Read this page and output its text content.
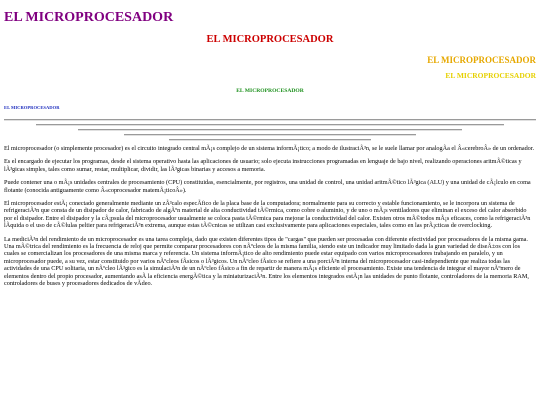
EL MICROPROCESADOR
EL MICROPROCESADOR
EL MICROPROCESADOR
EL MICROPROCESADOR
EL MICROPROCESADOR
EL MICROPROCESADOR

El microprocesador (o simplemente procesador) es el circuito integrado central mÃ¡s complejo de un sistema informÃ¡tico; a modo de ilustraciÃ³n, se le suele llamar por analogÃa el Â«cerebroÂ» de un ordenador.

Es el encargado de ejecutar los programas, desde el sistema operativo hasta las aplicaciones de usuario; solo ejecuta instrucciones programadas en lenguaje de bajo nivel, realizando operaciones aritmÃ©ticas y lÃ³gicas simples, tales como sumar, restar, multiplicar, dividir, las lÃ³gicas binarias y accesos a memoria.

Puede contener una o mÃ¡s unidades centrales de procesamiento (CPU) constituidas, esencialmente, por registros, una unidad de control, una unidad aritmÃ©tico lÃ³gica (ALU) y una unidad de cÃ¡lculo en coma flotante (conocida antiguamente como Â«coprocesador matemÃ¡ticoÂ»).

El microprocesador estÃ¡ conectado generalmente mediante un zÃ³calo especÃfico de la placa base de la computadora; normalmente para su correcto y estable funcionamiento, se le incorpora un sistema de refrigeraciÃ³n que consta de un disipador de calor, fabricado de algÃºn material de alta conductividad tÃ©rmica, como cobre o aluminio, y de uno o mÃ¡s ventiladores que eliminan el exceso del calor absorbido por el disipador. Entre el disipador y la cÃ¡psula del microprocesador usualmente se coloca pasta tÃ©rmica para mejorar la conductividad del calor. Existen otros mÃ©todos mÃ¡s eficaces, como la refrigeraciÃ³n lÃquida o el uso de cÃ©lulas peltier para refrigeraciÃ³n extrema, aunque estas tÃ©cnicas se utilizan casi exclusivamente para aplicaciones especiales, tales como en las prÃ¡cticas de overclocking.

La mediciÃ³n del rendimiento de un microprocesador es una tarea compleja, dado que existen diferentes tipos de "cargas" que pueden ser procesadas con diferente efectividad por procesadores de la misma gama. Una mÃ©trica del rendimiento es la frecuencia de reloj que permite comparar procesadores con nÃºcleos de la misma familia, siendo este un indicador muy limitado dada la gran variedad de diseÃ±os con los cuales se comercializan los procesadores de una misma marca y referencia. Un sistema informÃ¡tico de alto rendimiento puede estar equipado con varios microprocesadores trabajando en paralelo, y un microprocesador puede, a su vez, estar constituido por varios nÃºcleos fÃsicos o lÃ³gicos. Un nÃºcleo fÃsico se refiere a una porciÃ³n interna del microprocesador casi-independiente que realiza todas las actividades de una CPU solitaria, un nÃºcleo lÃ³gico es la simulaciÃ³n de un nÃºcleo fÃsico a fin de repartir de manera mÃ¡s eficiente el procesamiento. Existe una tendencia de integrar el mayor nÃºmero de elementos dentro del propio procesador, aumentando asÃ la eficiencia energÃ©tica y la miniaturizaciÃ³n. Entre los elementos integrados estÃ¡n las unidades de punto flotante, controladores de la memoria RAM, controladores de buses y procesadores dedicados de vÃdeo.
